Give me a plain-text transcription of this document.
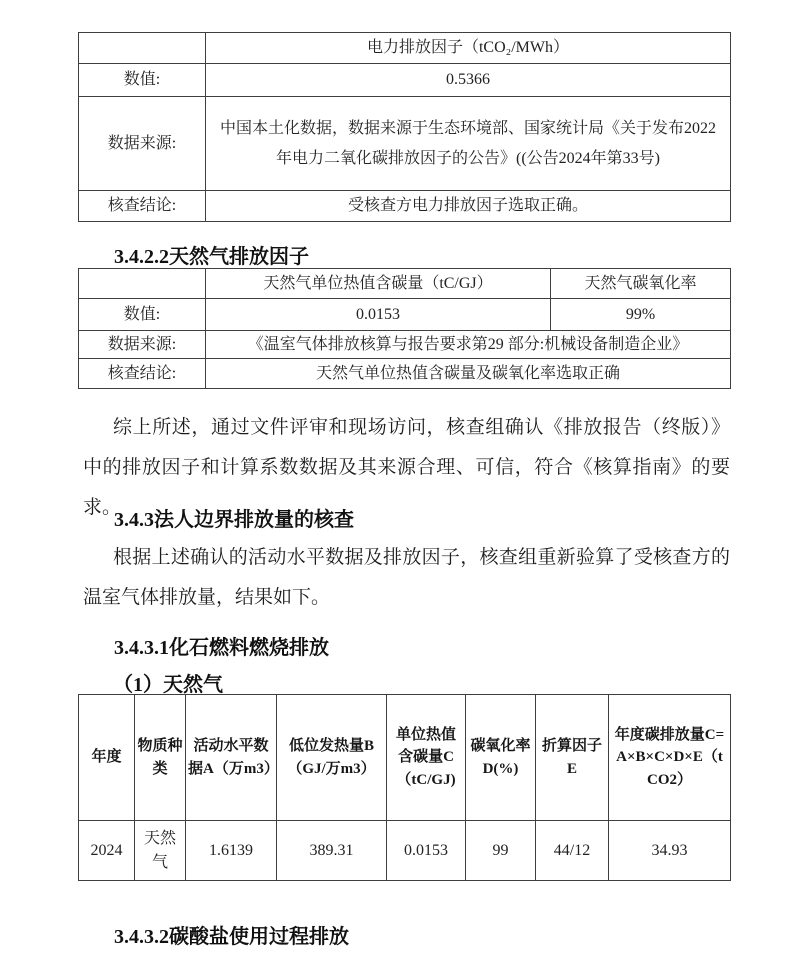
	电力排放因子（tCO₂/MWh）
数值:	0.5366
数据来源:	中国本土化数据，数据来源于生态环境部、国家统计局《关于发布2022年电力二氧化碳排放因子的公告》((公告2024年第33号)
核查结论:	受核查方电力排放因子选取正确。
3.4.2.2天然气排放因子
	天然气单位热值含碳量（tC/GJ）	天然气碳氧化率
数值:	0.0153	99%
数据来源:	《温室气体排放核算与报告要求第29 部分:机械设备制造企业》	
核查结论:	天然气单位热值含碳量及碳氧化率选取正确	
综上所述，通过文件评审和现场访问，核查组确认《排放报告（终版）》中的排放因子和计算系数数据及其来源合理、可信，符合《核算指南》的要求。
3.4.3法人边界排放量的核查
根据上述确认的活动水平数据及排放因子，核查组重新验算了受核查方的温室气体排放量，结果如下。
3.4.3.1化石燃料燃烧排放
（1）天然气
年度	物质种类	活动水平数据A（万m3）	低位发热量B（GJ/万m3）	单位热值含碳量C（tC/GJ)	碳氧化率D(%)	折算因子E	年度碳排放量C=A×B×C×D×E（tCO2）
2024	天然气	1.6139	389.31	0.0153	99	44/12	34.93
3.4.3.2碳酸盐使用过程排放
